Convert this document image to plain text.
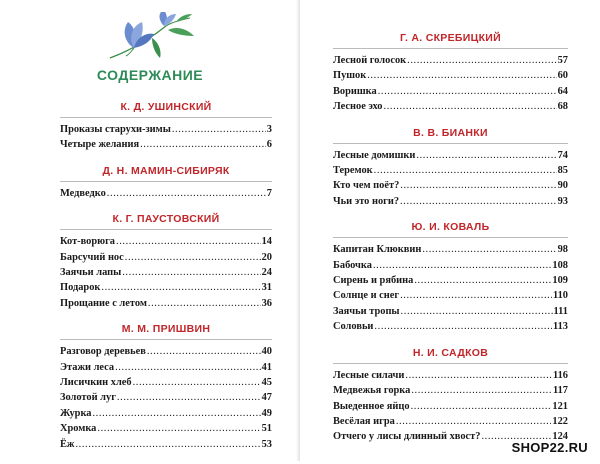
СОДЕРЖАНИЕ
К. Д. УШИНСКИЙ
Проказы старухи-зимы .....	3
Четыре желания .....	6
Д. Н. МАМИН-СИБИРЯК
Медведко .....	7
К. Г. ПАУСТОВСКИЙ
Кот-ворюга .....	14
Барсучий нос .....	20
Заячьи лапы .....	24
Подарок .....	31
Прощание с летом .....	36
М. М. ПРИШВИН
Разговор деревьев .....	40
Этажи леса .....	41
Лисичкин хлеб .....	45
Золотой луг .....	47
Журка .....	49
Хромка .....	51
Ёж .....	53
Г. А. СКРЕБИЦКИЙ
Лесной голосок .....	57
Пушок .....	60
Воришка .....	64
Лесное эхо .....	68
В. В. БИАНКИ
Лесные домишки .....	74
Теремок .....	85
Кто чем поёт? .....	90
Чьи это ноги? .....	93
Ю. И. КОВАЛЬ
Капитан Клюквин .....	98
Бабочка .....	108
Сирень и рябина .....	109
Солнце и снег .....	110
Заячьи тропы .....	111
Соловьи .....	113
Н. И. САДКОВ
Лесные силачи .....	116
Медвежья горка .....	117
Выеденное яйцо .....	121
Весёлая игра .....	122
Отчего у лисы длинный хвост? .....	124
SHOP22.RU
